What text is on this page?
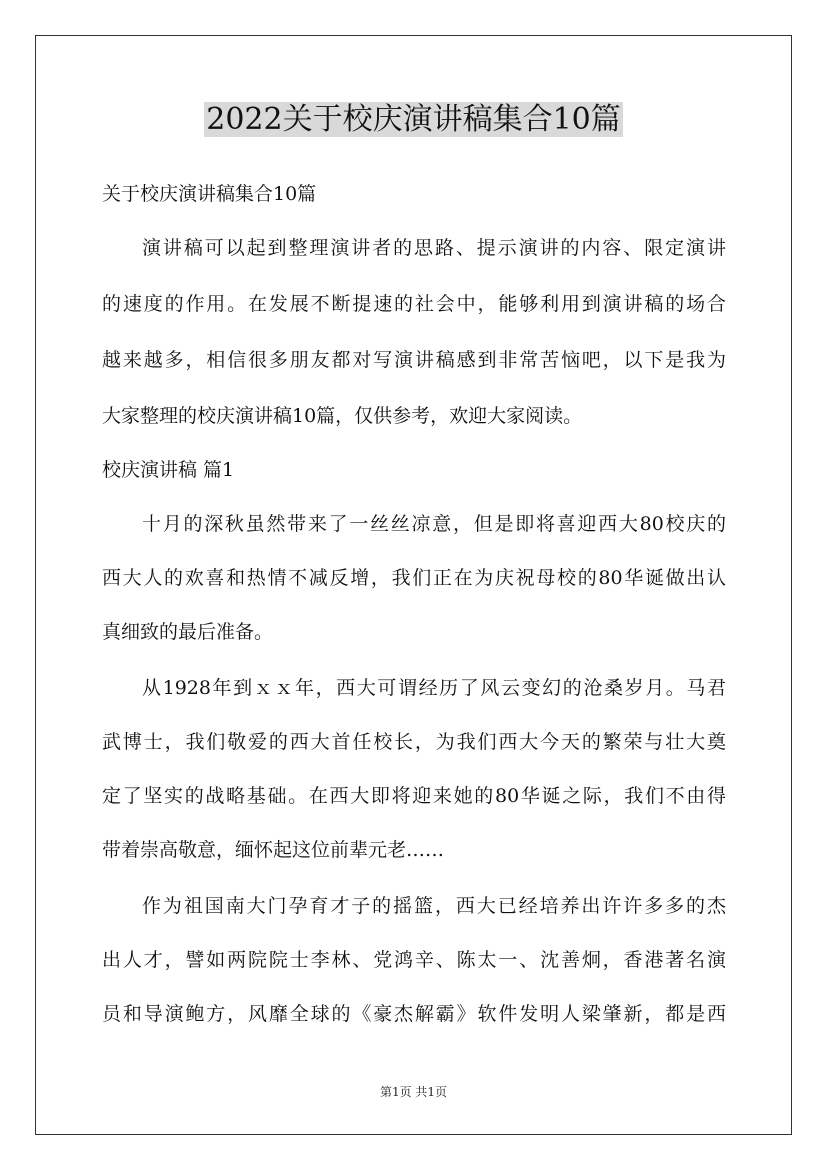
2022关于校庆演讲稿集合10篇
关于校庆演讲稿集合10篇
演讲稿可以起到整理演讲者的思路、提示演讲的内容、限定演讲
的速度的作用。在发展不断提速的社会中，能够利用到演讲稿的场合
越来越多，相信很多朋友都对写演讲稿感到非常苦恼吧，以下是我为
大家整理的校庆演讲稿10篇，仅供参考，欢迎大家阅读。
校庆演讲稿 篇1
十月的深秋虽然带来了一丝丝凉意，但是即将喜迎西大80校庆的
西大人的欢喜和热情不减反增，我们正在为庆祝母校的80华诞做出认
真细致的最后准备。
从1928年到ｘｘ年，西大可谓经历了风云变幻的沧桑岁月。马君
武博士，我们敬爱的西大首任校长，为我们西大今天的繁荣与壮大奠
定了坚实的战略基础。在西大即将迎来她的80华诞之际，我们不由得
带着崇高敬意，缅怀起这位前辈元老……
作为祖国南大门孕育才子的摇篮，西大已经培养出许许多多的杰
出人才，譬如两院院士李林、党鸿辛、陈太一、沈善炯，香港著名演
员和导演鲍方，风靡全球的《豪杰解霸》软件发明人梁肇新，都是西
第1页 共1页
